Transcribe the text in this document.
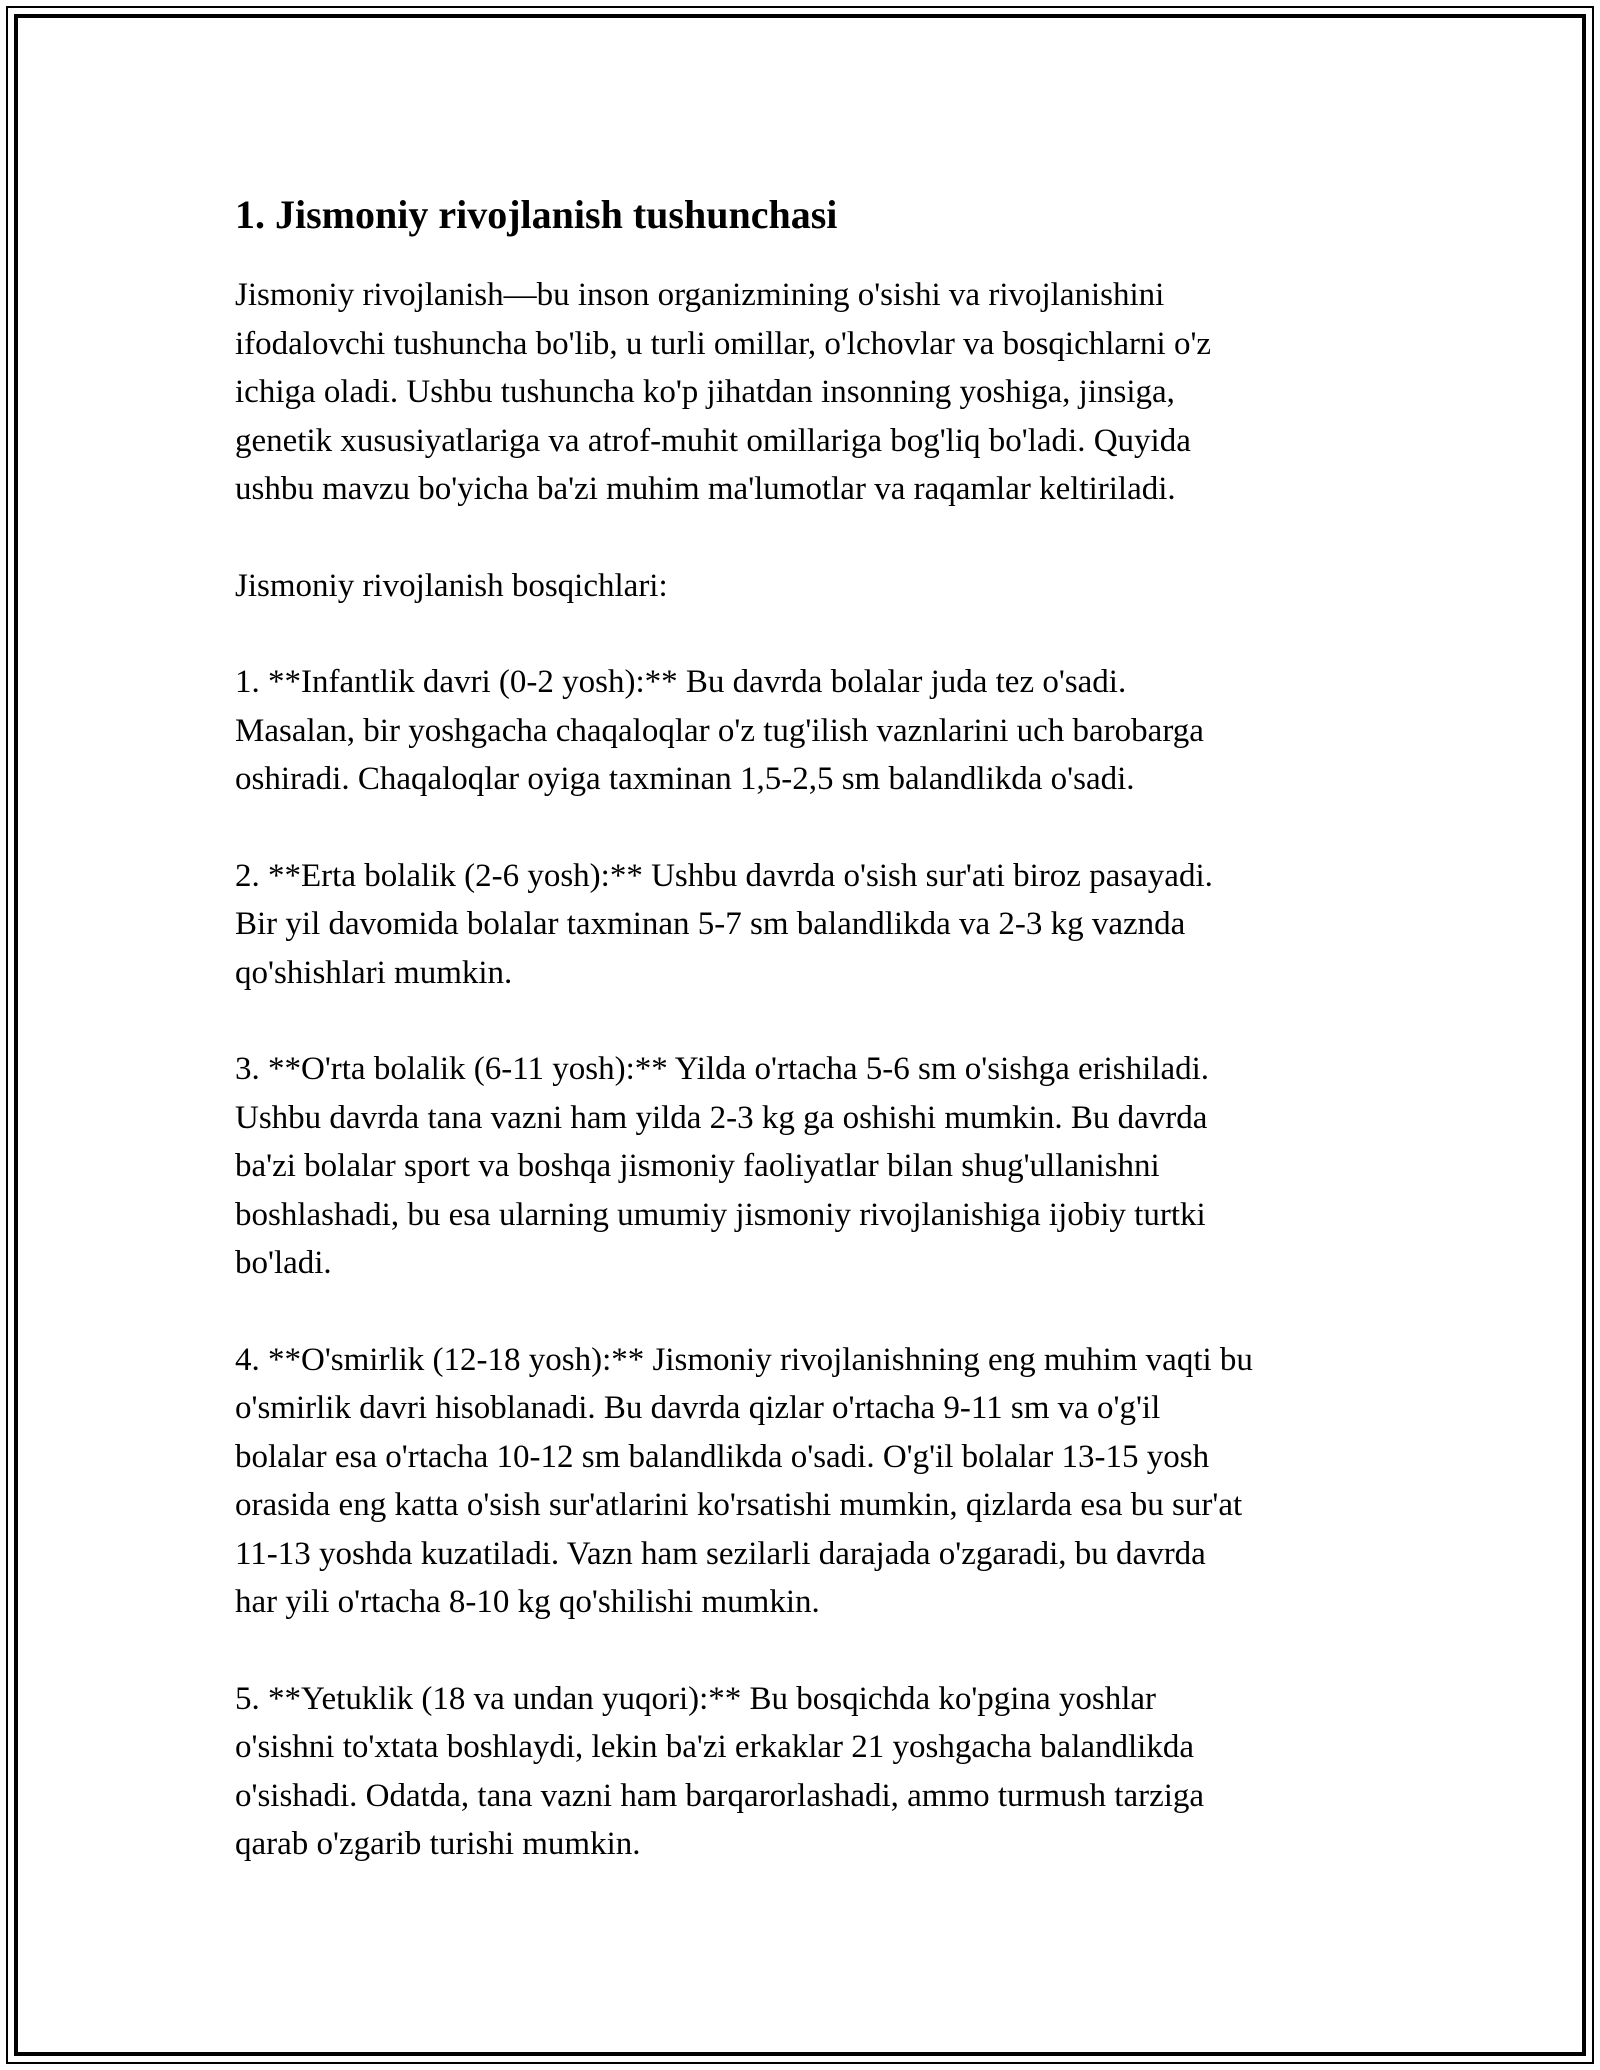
1. Jismoniy rivojlanish tushunchasi

Jismoniy rivojlanish—bu inson organizmining o'sishi va rivojlanishini
ifodalovchi tushuncha bo'lib, u turli omillar, o'lchovlar va bosqichlarni o'z
ichiga oladi. Ushbu tushuncha ko'p jihatdan insonning yoshiga, jinsiga,
genetik xususiyatlariga va atrof-muhit omillariga bog'liq bo'ladi. Quyida
ushbu mavzu bo'yicha ba'zi muhim ma'lumotlar va raqamlar keltiriladi.

Jismoniy rivojlanish bosqichlari:

1. **Infantlik davri (0-2 yosh):** Bu davrda bolalar juda tez o'sadi.
Masalan, bir yoshgacha chaqaloqlar o'z tug'ilish vaznlarini uch barobarga
oshiradi. Chaqaloqlar oyiga taxminan 1,5-2,5 sm balandlikda o'sadi.

2. **Erta bolalik (2-6 yosh):** Ushbu davrda o'sish sur'ati biroz pasayadi.
Bir yil davomida bolalar taxminan 5-7 sm balandlikda va 2-3 kg vaznda
qo'shishlari mumkin.

3. **O'rta bolalik (6-11 yosh):** Yilda o'rtacha 5-6 sm o'sishga erishiladi.
Ushbu davrda tana vazni ham yilda 2-3 kg ga oshishi mumkin. Bu davrda
ba'zi bolalar sport va boshqa jismoniy faoliyatlar bilan shug'ullanishni
boshlashadi, bu esa ularning umumiy jismoniy rivojlanishiga ijobiy turtki
bo'ladi.

4. **O'smirlik (12-18 yosh):** Jismoniy rivojlanishning eng muhim vaqti bu
o'smirlik davri hisoblanadi. Bu davrda qizlar o'rtacha 9-11 sm va o'g'il
bolalar esa o'rtacha 10-12 sm balandlikda o'sadi. O'g'il bolalar 13-15 yosh
orasida eng katta o'sish sur'atlarini ko'rsatishi mumkin, qizlarda esa bu sur'at
11-13 yoshda kuzatiladi. Vazn ham sezilarli darajada o'zgaradi, bu davrda
har yili o'rtacha 8-10 kg qo'shilishi mumkin.

5. **Yetuklik (18 va undan yuqori):** Bu bosqichda ko'pgina yoshlar
o'sishni to'xtata boshlaydi, lekin ba'zi erkaklar 21 yoshgacha balandlikda
o'sishadi. Odatda, tana vazni ham barqarorlashadi, ammo turmush tarziga
qarab o'zgarib turishi mumkin.
